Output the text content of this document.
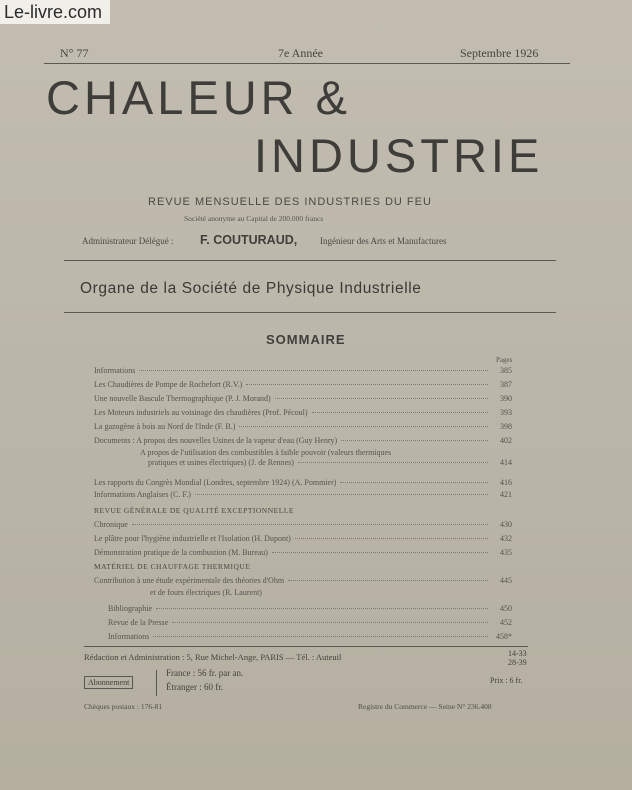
Le-livre.com
N° 77	7e Année	Septembre 1926
CHALEUR &
INDUSTRIE
REVUE MENSUELLE DES INDUSTRIES DU FEU
Société anonyme au Capital de 200.000 francs
Administrateur Délégué : F. COUTURAUD,	Ingénieur des Arts et Manufactures
Organe de la Société de Physique Industrielle
SOMMAIRE
Pages
Informations	385
Les Chaudières de Pompe de Rochefort (R.V.)	387
Une nouvelle Bascule Thermographique (P. J. Morand)	390
Les Moteurs industriels au voisinage des chaudières (Prof. Pécoul)	393
La gazogène à bois au Nord de l'Inde (F. B.)	398
Documents : A propos des nouvelles Usines de la vapeur d'eau (Guy Henry)	402
A propos de l'utilisation des combustibles à faible pouvoir (valeurs thermiques
pratiques et usines électriques) (J. de Rennes)	414
Les rapports du Congrès Mondial (Londres, septembre 1924) (A. Pommier)	416
Informations Anglaises (C. F.)	421
REVUE GÉNÉRALE DE QUALITÉ EXCEPTIONNELLE
Chronique	430
Le plâtre pour l'hygiène industrielle et l'Isolation (H. Dupont)	432
Démonstration pratique de la combustion (M. Bureau)	435
MATÉRIEL DE CHAUFFAGE THERMIQUE
Contribution à une étude expérimentale des théories d'Ohm	445
et de fours électriques (R. Laurent)
Bibliographie	450
Revue de la Presse	452
Informations	458*
Rédaction et Administration : 5, Rue Michel-Ange, PARIS — Tél. : Auteuil	14-33
28-39
Abonnement
France : 56 fr. par an.
Étranger : 60 fr.
Prix : 6 fr.
Chèques postaux : 176-81	Registre du Commerce — Seine N° 236.408
